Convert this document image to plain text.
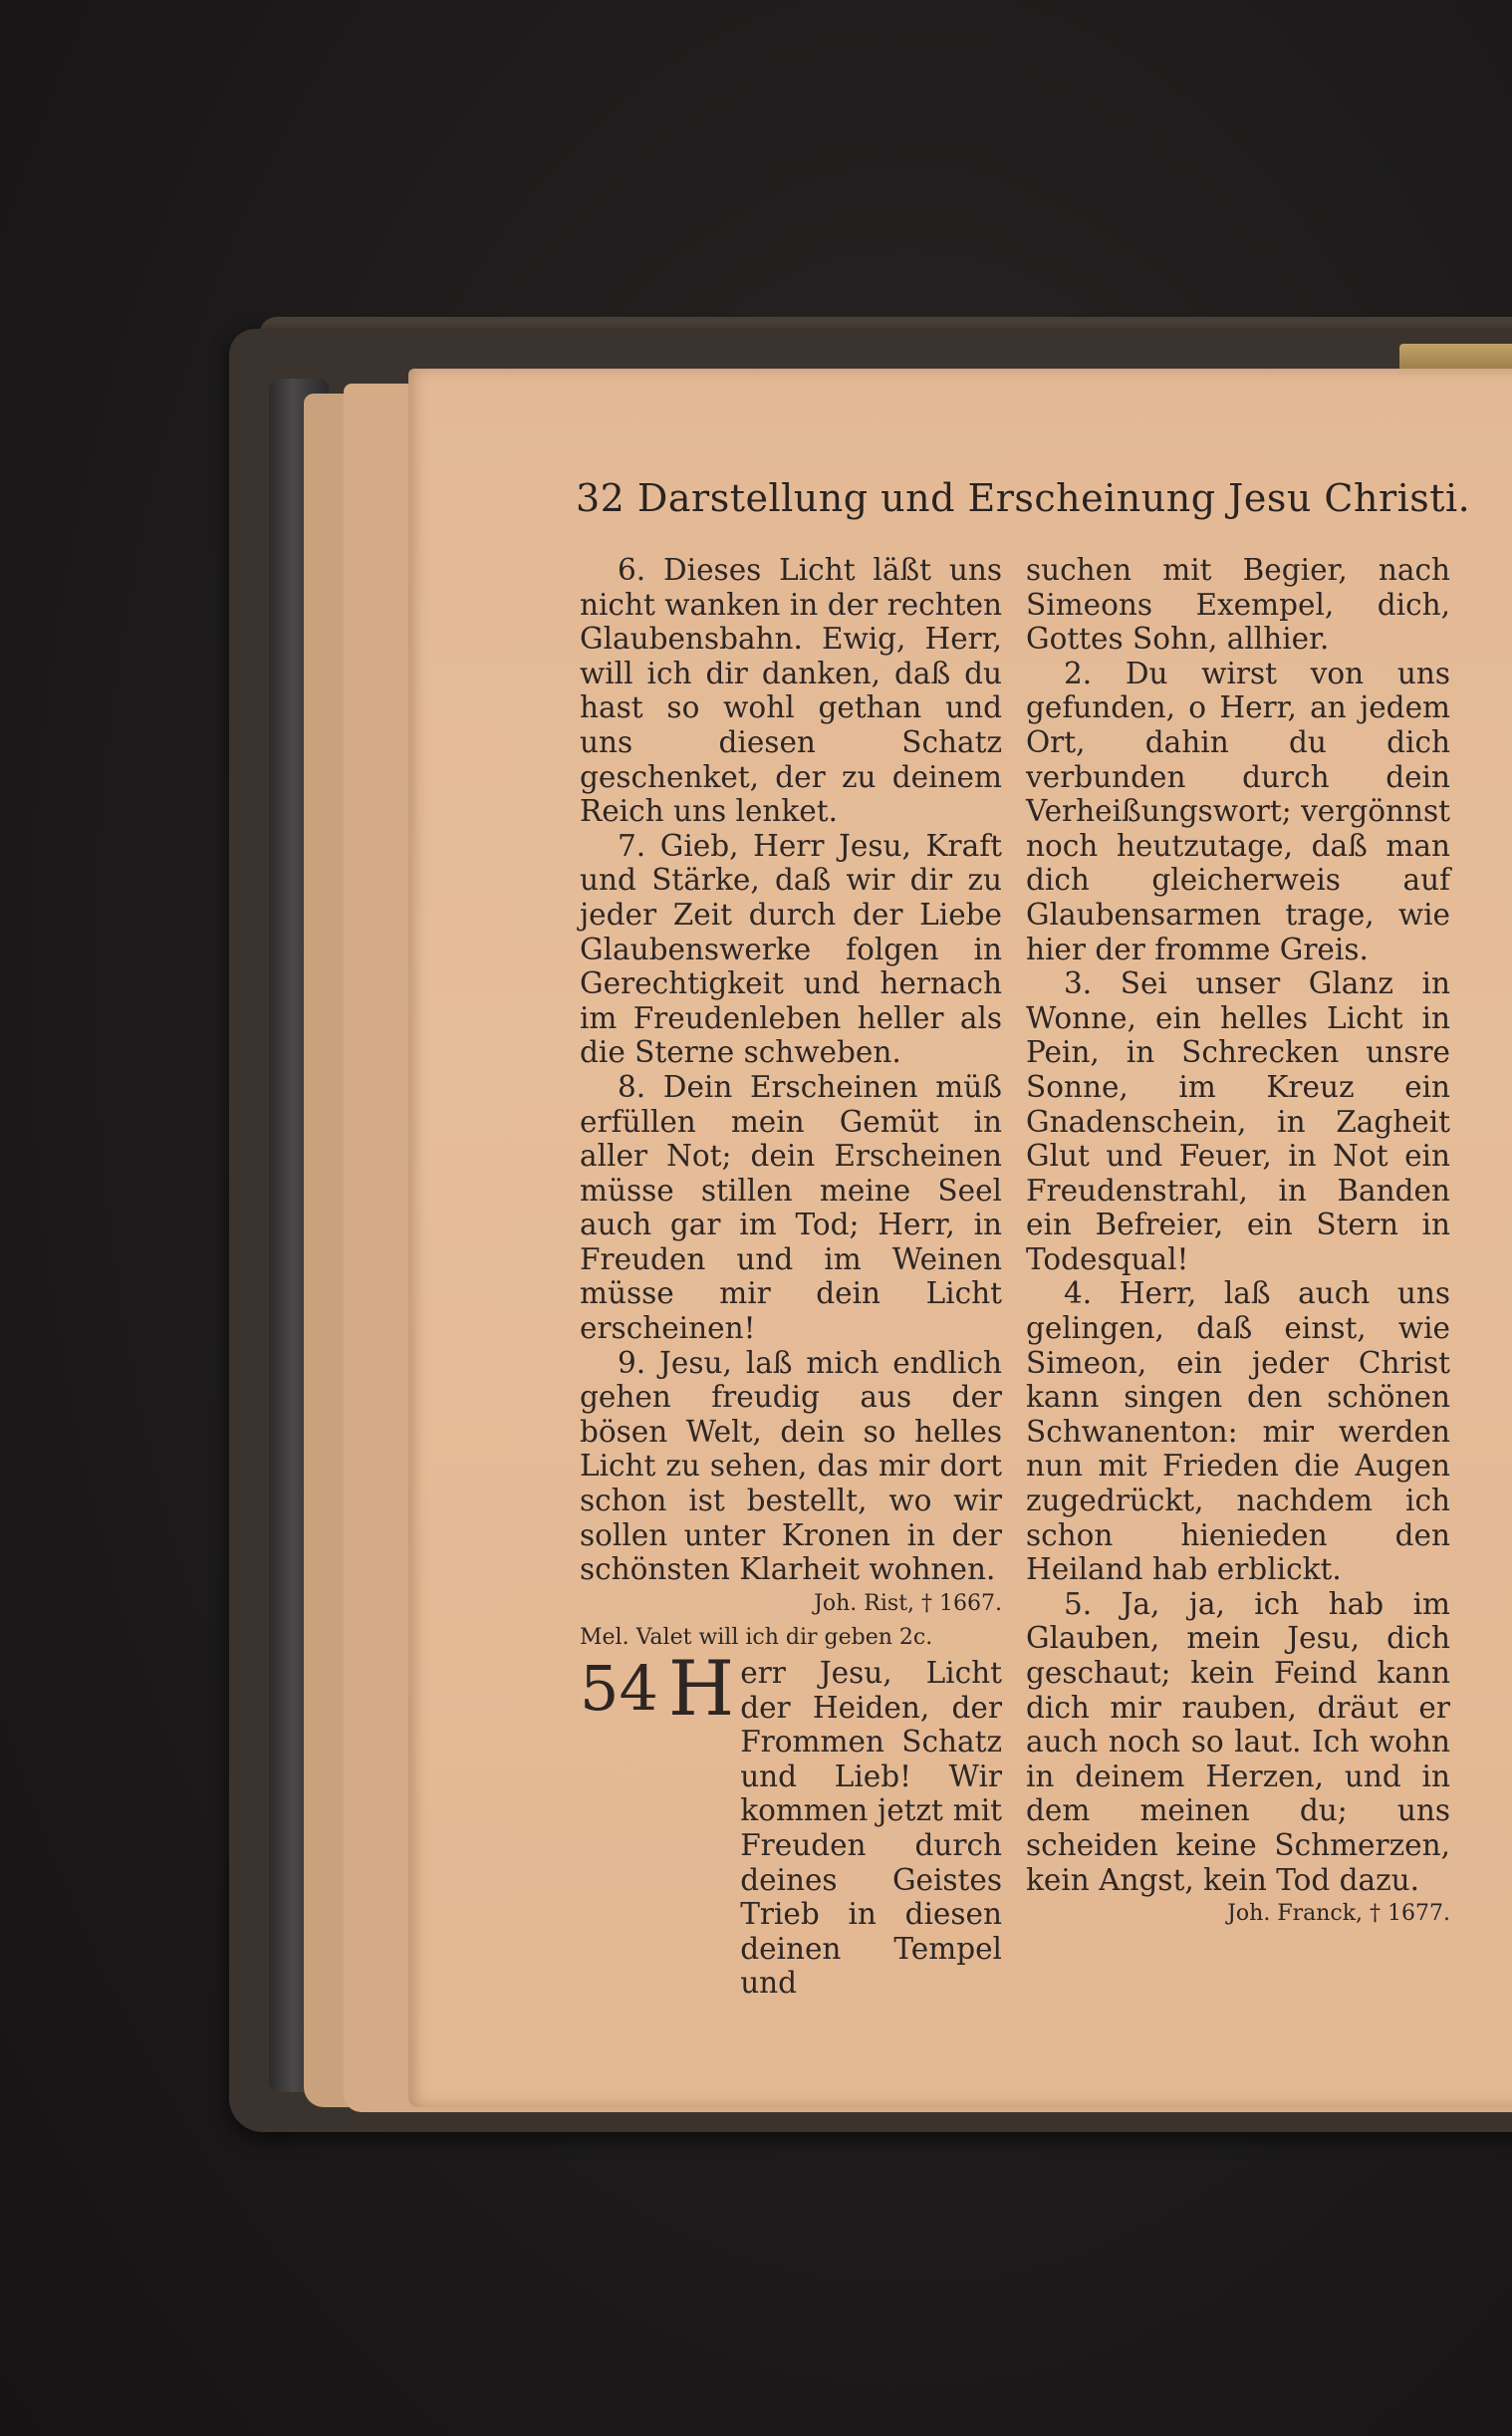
32 Darstellung und Erscheinung Jesu Christi.

6. Dieses Licht läßt uns nicht wanken in der rechten Glaubensbahn. Ewig, Herr, will ich dir danken, daß du hast so wohl gethan und uns diesen Schatz geschenket, der zu deinem Reich uns lenket.

7. Gieb, Herr Jesu, Kraft und Stärke, daß wir dir zu jeder Zeit durch der Liebe Glaubenswerke folgen in Gerechtigkeit und hernach im Freudenleben heller als die Sterne schweben.

8. Dein Erscheinen müß erfüllen mein Gemüt in aller Not; dein Erscheinen müsse stillen meine Seel auch gar im Tod; Herr, in Freuden und im Weinen müsse mir dein Licht erscheinen!

9. Jesu, laß mich endlich gehen freudig aus der bösen Welt, dein so helles Licht zu sehen, das mir dort schon ist bestellt, wo wir sollen unter Kronen in der schönsten Klarheit wohnen.

Joh. Rist, † 1667.

Mel. Valet will ich dir geben 2c.

54 H err Jesu, Licht der Heiden, der Frommen Schatz und Lieb! Wir kommen jetzt mit Freuden durch deines Geistes Trieb in diesen deinen Tempel und

suchen mit Begier, nach Simeons Exempel, dich, Gottes Sohn, allhier.

2. Du wirst von uns gefunden, o Herr, an jedem Ort, dahin du dich verbunden durch dein Verheißungswort; vergönnst noch heutzutage, daß man dich gleicherweis auf Glaubensarmen trage, wie hier der fromme Greis.

3. Sei unser Glanz in Wonne, ein helles Licht in Pein, in Schrecken unsre Sonne, im Kreuz ein Gnadenschein, in Zagheit Glut und Feuer, in Not ein Freudenstrahl, in Banden ein Befreier, ein Stern in Todesqual!

4. Herr, laß auch uns gelingen, daß einst, wie Simeon, ein jeder Christ kann singen den schönen Schwanenton: mir werden nun mit Frieden die Augen zugedrückt, nachdem ich schon hienieden den Heiland hab erblickt.

5. Ja, ja, ich hab im Glauben, mein Jesu, dich geschaut; kein Feind kann dich mir rauben, dräut er auch noch so laut. Ich wohn in deinem Herzen, und in dem meinen du; uns scheiden keine Schmerzen, kein Angst, kein Tod dazu.

Joh. Franck, † 1677.
